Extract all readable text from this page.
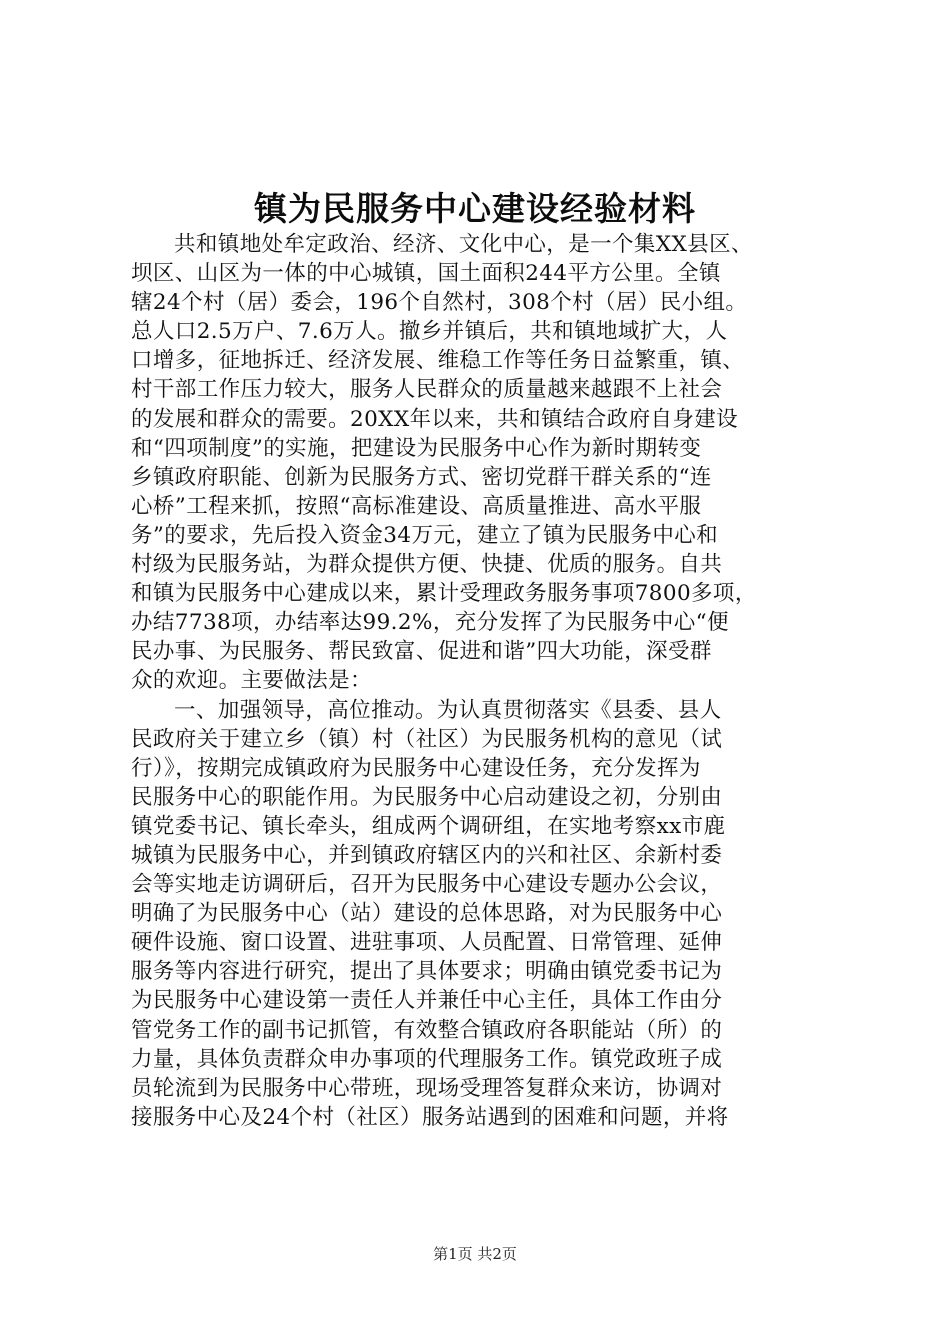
镇为民服务中心建设经验材料
共和镇地处牟定政治、经济、文化中心，是一个集XX县区、
坝区、山区为一体的中心城镇，国土面积244平方公里。全镇
辖24个村（居）委会，196个自然村，308个村（居）民小组。
总人口2.5万户、7.6万人。撤乡并镇后，共和镇地域扩大，人
口增多，征地拆迁、经济发展、维稳工作等任务日益繁重，镇、
村干部工作压力较大，服务人民群众的质量越来越跟不上社会
的发展和群众的需要。20XX年以来，共和镇结合政府自身建设
和“四项制度”的实施，把建设为民服务中心作为新时期转变
乡镇政府职能、创新为民服务方式、密切党群干群关系的“连
心桥”工程来抓，按照“高标准建设、高质量推进、高水平服
务”的要求，先后投入资金34万元，建立了镇为民服务中心和
村级为民服务站，为群众提供方便、快捷、优质的服务。自共
和镇为民服务中心建成以来，累计受理政务服务事项7800多项，
办结7738项，办结率达99.2%，充分发挥了为民服务中心“便
民办事、为民服务、帮民致富、促进和谐”四大功能，深受群
众的欢迎。主要做法是：
一、加强领导，高位推动。为认真贯彻落实《县委、县人
民政府关于建立乡（镇）村（社区）为民服务机构的意见（试
行）》，按期完成镇政府为民服务中心建设任务，充分发挥为
民服务中心的职能作用。为民服务中心启动建设之初，分别由
镇党委书记、镇长牵头，组成两个调研组，在实地考察xx市鹿
城镇为民服务中心，并到镇政府辖区内的兴和社区、余新村委
会等实地走访调研后，召开为民服务中心建设专题办公会议，
明确了为民服务中心（站）建设的总体思路，对为民服务中心
硬件设施、窗口设置、进驻事项、人员配置、日常管理、延伸
服务等内容进行研究，提出了具体要求；明确由镇党委书记为
为民服务中心建设第一责任人并兼任中心主任，具体工作由分
管党务工作的副书记抓管，有效整合镇政府各职能站（所）的
力量，具体负责群众申办事项的代理服务工作。镇党政班子成
员轮流到为民服务中心带班，现场受理答复群众来访，协调对
接服务中心及24个村（社区）服务站遇到的困难和问题，并将
第1页 共2页
